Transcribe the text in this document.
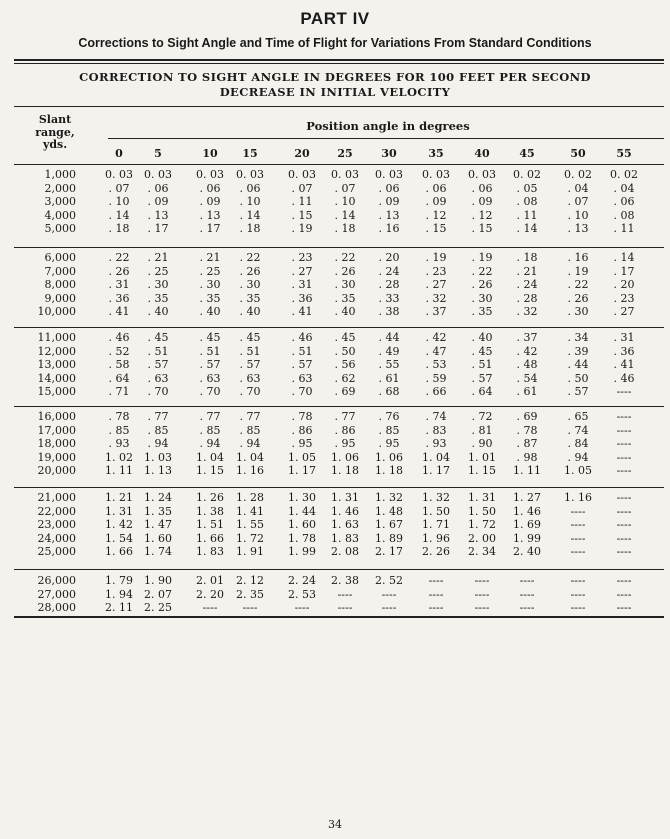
PART IV
Corrections to Sight Angle and Time of Flight for Variations From Standard Conditions
CORRECTION TO SIGHT ANGLE IN DEGREES FOR 100 FEET PER SECOND
DECREASE IN INITIAL VELOCITY
Slant
range,
yds.
Position angle in degrees
0	5	10	15	20	25	30	35	40	45	50	55
1,000	0. 03	0. 03	0. 03	0. 03	0. 03	0. 03	0. 03	0. 03	0. 03	0. 02	0. 02	0. 02
2,000	. 07	. 06	. 06	. 06	. 07	. 07	. 06	. 06	. 06	. 05	. 04	. 04
3,000	. 10	. 09	. 09	. 10	. 11	. 10	. 09	. 09	. 09	. 08	. 07	. 06
4,000	. 14	. 13	. 13	. 14	. 15	. 14	. 13	. 12	. 12	. 11	. 10	. 08
5,000	. 18	. 17	. 17	. 18	. 19	. 18	. 16	. 15	. 15	. 14	. 13	. 11
6,000	. 22	. 21	. 21	. 22	. 23	. 22	. 20	. 19	. 19	. 18	. 16	. 14
7,000	. 26	. 25	. 25	. 26	. 27	. 26	. 24	. 23	. 22	. 21	. 19	. 17
8,000	. 31	. 30	. 30	. 30	. 31	. 30	. 28	. 27	. 26	. 24	. 22	. 20
9,000	. 36	. 35	. 35	. 35	. 36	. 35	. 33	. 32	. 30	. 28	. 26	. 23
10,000	. 41	. 40	. 40	. 40	. 41	. 40	. 38	. 37	. 35	. 32	. 30	. 27
11,000	. 46	. 45	. 45	. 45	. 46	. 45	. 44	. 42	. 40	. 37	. 34	. 31
12,000	. 52	. 51	. 51	. 51	. 51	. 50	. 49	. 47	. 45	. 42	. 39	. 36
13,000	. 58	. 57	. 57	. 57	. 57	. 56	. 55	. 53	. 51	. 48	. 44	. 41
14,000	. 64	. 63	. 63	. 63	. 63	. 62	. 61	. 59	. 57	. 54	. 50	. 46
15,000	. 71	. 70	. 70	. 70	. 70	. 69	. 68	. 66	. 64	. 61	. 57	----
16,000	. 78	. 77	. 77	. 77	. 78	. 77	. 76	. 74	. 72	. 69	. 65	----
17,000	. 85	. 85	. 85	. 85	. 86	. 86	. 85	. 83	. 81	. 78	. 74	----
18,000	. 93	. 94	. 94	. 94	. 95	. 95	. 95	. 93	. 90	. 87	. 84	----
19,000	1. 02	1. 03	1. 04	1. 04	1. 05	1. 06	1. 06	1. 04	1. 01	. 98	. 94	----
20,000	1. 11	1. 13	1. 15	1. 16	1. 17	1. 18	1. 18	1. 17	1. 15	1. 11	1. 05	----
21,000	1. 21	1. 24	1. 26	1. 28	1. 30	1. 31	1. 32	1. 32	1. 31	1. 27	1. 16	----
22,000	1. 31	1. 35	1. 38	1. 41	1. 44	1. 46	1. 48	1. 50	1. 50	1. 46	----	----
23,000	1. 42	1. 47	1. 51	1. 55	1. 60	1. 63	1. 67	1. 71	1. 72	1. 69	----	----
24,000	1. 54	1. 60	1. 66	1. 72	1. 78	1. 83	1. 89	1. 96	2. 00	1. 99	----	----
25,000	1. 66	1. 74	1. 83	1. 91	1. 99	2. 08	2. 17	2. 26	2. 34	2. 40	----	----
26,000	1. 79	1. 90	2. 01	2. 12	2. 24	2. 38	2. 52	----	----	----	----	----
27,000	1. 94	2. 07	2. 20	2. 35	2. 53	----	----	----	----	----	----	----
28,000	2. 11	2. 25	----	----	----	----	----	----	----	----	----	----
34
